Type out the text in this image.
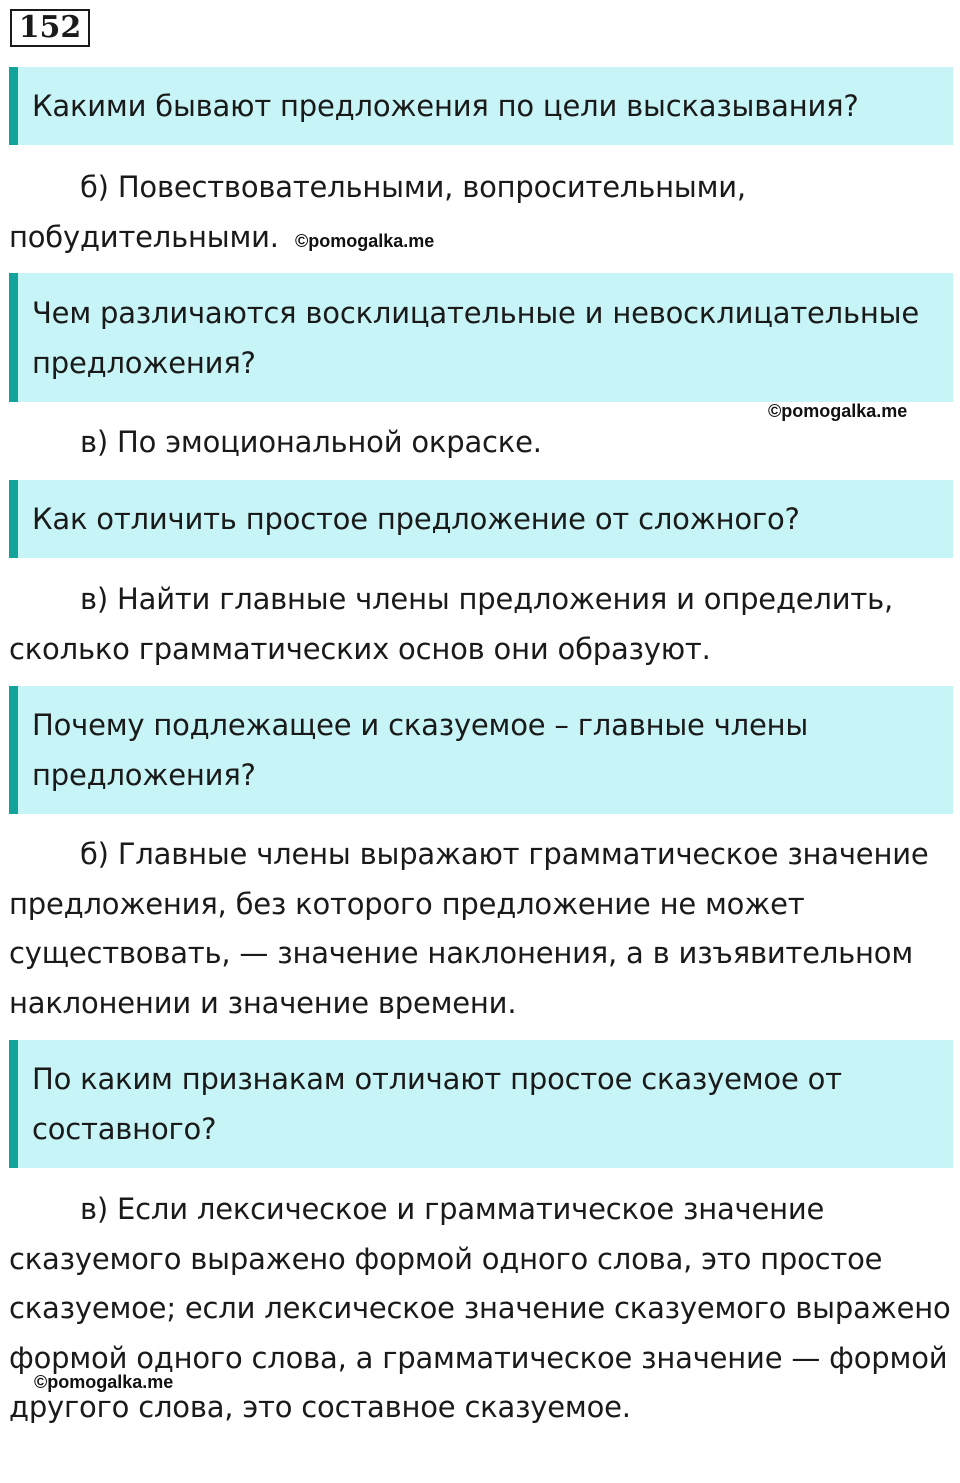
152
Какими бывают предложения по цели высказывания?

б) Повествовательными, вопросительными, побудительными. ©pomogalka.me
Чем различаются восклицательные и невосклицательные предложения?
©pomogalka.me

в) По эмоциональной окраске.

Как отличить простое предложение от сложного?

в) Найти главные члены предложения и определить, сколько грамматических основ они образуют.

Почему подлежащее и сказуемое – главные члены предложения?

б) Главные члены выражают грамматическое значение предложения, без которого предложение не может существовать, — значение наклонения, а в изъявительном наклонении и значение времени.

По каким признакам отличают простое сказуемое от составного?

в) Если лексическое и грамматическое значение сказуемого выражено формой одного слова, это простое сказуемое; если лексическое значение сказуемого выражено формой одного слова, а грамматическое значение — формой другого слова, это составное сказуемое.

©pomogalka.me
